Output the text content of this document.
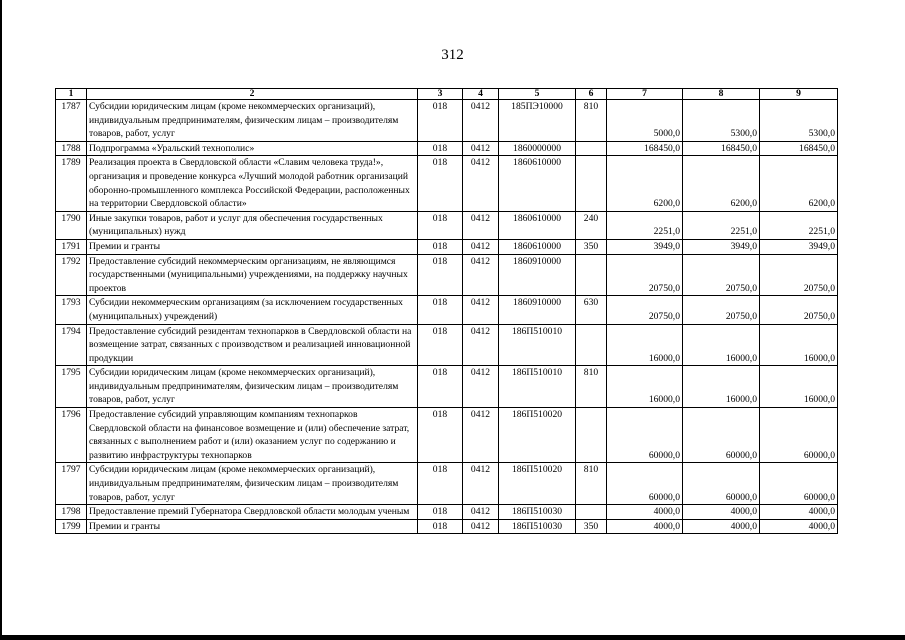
312
1	2	3	4	5	6	7	8	9
1787	Субсидии юридическим лицам (кроме некоммерческих организаций), индивидуальным предпринимателям, физическим лицам – производителям товаров, работ, услуг	018	0412	185ПЭ10000	810	5000,0	5300,0	5300,0
1788	Подпрограмма «Уральский технополис»	018	0412	1860000000		168450,0	168450,0	168450,0
1789	Реализация проекта в Свердловской области «Славим человека труда!», организация и проведение конкурса «Лучший молодой работник организаций оборонно-промышленного комплекса Российской Федерации, расположенных на территории Свердловской области»	018	0412	1860610000		6200,0	6200,0	6200,0
1790	Иные закупки товаров, работ и услуг для обеспечения государственных (муниципальных) нужд	018	0412	1860610000	240	2251,0	2251,0	2251,0
1791	Премии и гранты	018	0412	1860610000	350	3949,0	3949,0	3949,0
1792	Предоставление субсидий некоммерческим организациям, не являющимся государственными (муниципальными) учреждениями, на поддержку научных проектов	018	0412	1860910000		20750,0	20750,0	20750,0
1793	Субсидии некоммерческим организациям (за исключением государственных (муниципальных) учреждений)	018	0412	1860910000	630	20750,0	20750,0	20750,0
1794	Предоставление субсидий резидентам технопарков в Свердловской области на возмещение затрат, связанных с производством и реализацией инновационной продукции	018	0412	186П510010		16000,0	16000,0	16000,0
1795	Субсидии юридическим лицам (кроме некоммерческих организаций), индивидуальным предпринимателям, физическим лицам – производителям товаров, работ, услуг	018	0412	186П510010	810	16000,0	16000,0	16000,0
1796	Предоставление субсидий управляющим компаниям технопарков Свердловской области на финансовое возмещение и (или) обеспечение затрат, связанных с выполнением работ и (или) оказанием услуг по содержанию и развитию инфраструктуры технопарков	018	0412	186П510020		60000,0	60000,0	60000,0
1797	Субсидии юридическим лицам (кроме некоммерческих организаций), индивидуальным предпринимателям, физическим лицам – производителям товаров, работ, услуг	018	0412	186П510020	810	60000,0	60000,0	60000,0
1798	Предоставление премий Губернатора Свердловской области молодым ученым	018	0412	186П510030		4000,0	4000,0	4000,0
1799	Премии и гранты	018	0412	186П510030	350	4000,0	4000,0	4000,0
